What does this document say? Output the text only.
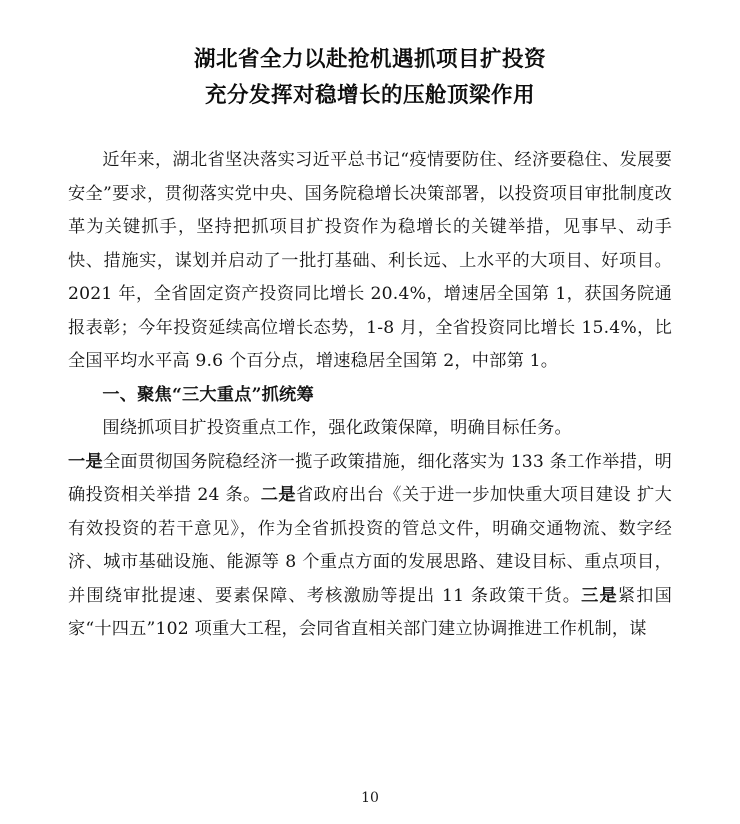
湖北省全力以赴抢机遇抓项目扩投资
充分发挥对稳增长的压舱顶梁作用

近年来，湖北省坚决落实习近平总书记“疫情要防住、经济要稳住、发展要安全”要求，贯彻落实党中央、国务院稳增长决策部署，以投资项目审批制度改革为关键抓手，坚持把抓项目扩投资作为稳增长的关键举措，见事早、动手快、措施实，谋划并启动了一批打基础、利长远、上水平的大项目、好项目。2021 年，全省固定资产投资同比增长 20.4%，增速居全国第 1，获国务院通报表彰；今年投资延续高位增长态势，1-8 月，全省投资同比增长 15.4%，比全国平均水平高 9.6 个百分点，增速稳居全国第 2，中部第 1。

一、聚焦“三大重点”抓统筹

围绕抓项目扩投资重点工作，强化政策保障，明确目标任务。

一是全面贯彻国务院稳经济一揽子政策措施，细化落实为 133 条工作举措，明确投资相关举措 24 条。二是省政府出台《关于进一步加快重大项目建设 扩大有效投资的若干意见》，作为全省抓投资的管总文件，明确交通物流、数字经济、城市基础设施、能源等 8 个重点方面的发展思路、建设目标、重点项目，并围绕审批提速、要素保障、考核激励等提出 11 条政策干货。三是紧扣国家“十四五”102 项重大工程，会同省直相关部门建立协调推进工作机制，谋

10
